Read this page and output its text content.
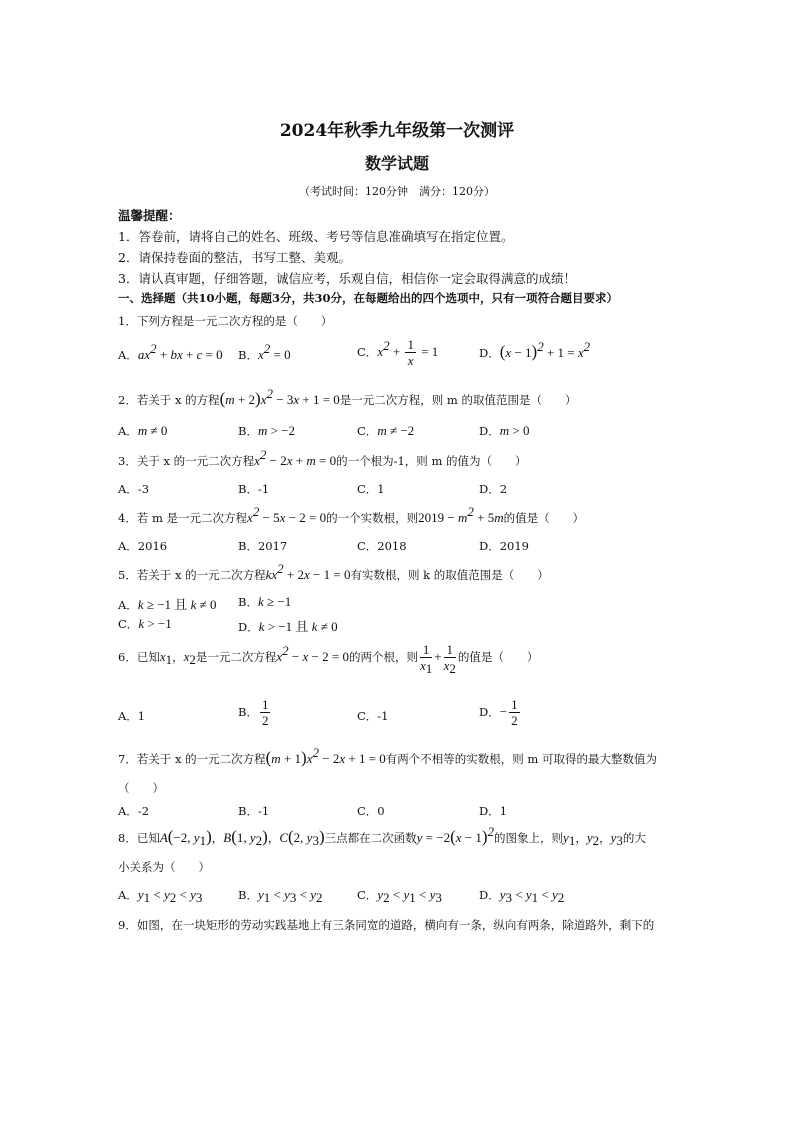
2024年秋季九年级第一次测评
数学试题
（考试时间：120分钟　满分：120分）
温馨提醒：
1．答卷前，请将自己的姓名、班级、考号等信息准确填写在指定位置。
2．请保持卷面的整洁，书写工整、美观。
3．请认真审题，仔细答题，诚信应考，乐观自信，相信你一定会取得满意的成绩！
一、选择题（共10小题，每题3分，共30分，在每题给出的四个选项中，只有一项符合题目要求）
1．下列方程是一元二次方程的是（　　）
A．$ax^2$ + bx + c = 0 B．$x^2 = 0$	C．$x^2 + \frac{1}{x} = 1$	D．$(x - 1)^2 + 1 = x^2$
2．若关于 x 的方程$(m + 2)x^2 - 3x + 1 = 0$是一元二次方程，则 m 的取值范围是（　　）
A．m ≠ 0	B．m > −2	C．m ≠ −2	D．m > 0
3．关于 x 的一元二次方程$x^2 - 2x + m = 0$的一个根为-1，则 m 的值为（　　）
A．-3	B．-1	C．1	D．2
4．若 m 是一元二次方程$x^2 - 5x - 2 = 0$的一个实数根，则$2019 - m^2 + 5m$的值是（　　）
A．2016	B．2017	C．2018	D．2019
5．若关于 x 的一元二次方程$kx^2 + 2x - 1 = 0$有实数根，则 k 的取值范围是（　　）
A．k ≥ −1 且 k ≠ 0 B．k ≥ −1
C．k > −1	D．k > −1 且 k ≠ 0
6．已知$x_1$，$x_2$是一元二次方程$x^2 - x - 2 = 0$的两个根，则 $\frac{1}{x_1} + \frac{1}{x_2}$ 的值是（　　）
A．1	B． $\frac{1}{2}$	C．-1	D．− $\frac{1}{2}$
7．若关于 x 的一元二次方程$(m + 1)x^2 - 2x + 1 = 0$有两个不相等的实数根，则 m 可取得的最大整数值为
（　　）
A．-2	B．-1	C．0	D．1
8．已知A(−2, $y_1$)，B(1, $y_2$)，C(2, $y_3$)三点都在二次函数$y = -2(x - 1)^2$的图象上，则$y_1$，$y_2$，$y_3$的大
小关系为（　　）
A．$y_1 < y_2 < y_3$	B．$y_1 < y_3 < y_2$	C．$y_2 < y_1 < y_3$	D．$y_3 < y_1 < y_2$
9．如图，在一块矩形的劳动实践基地上有三条同宽的道路，横向有一条，纵向有两条，除道路外，剩下的
